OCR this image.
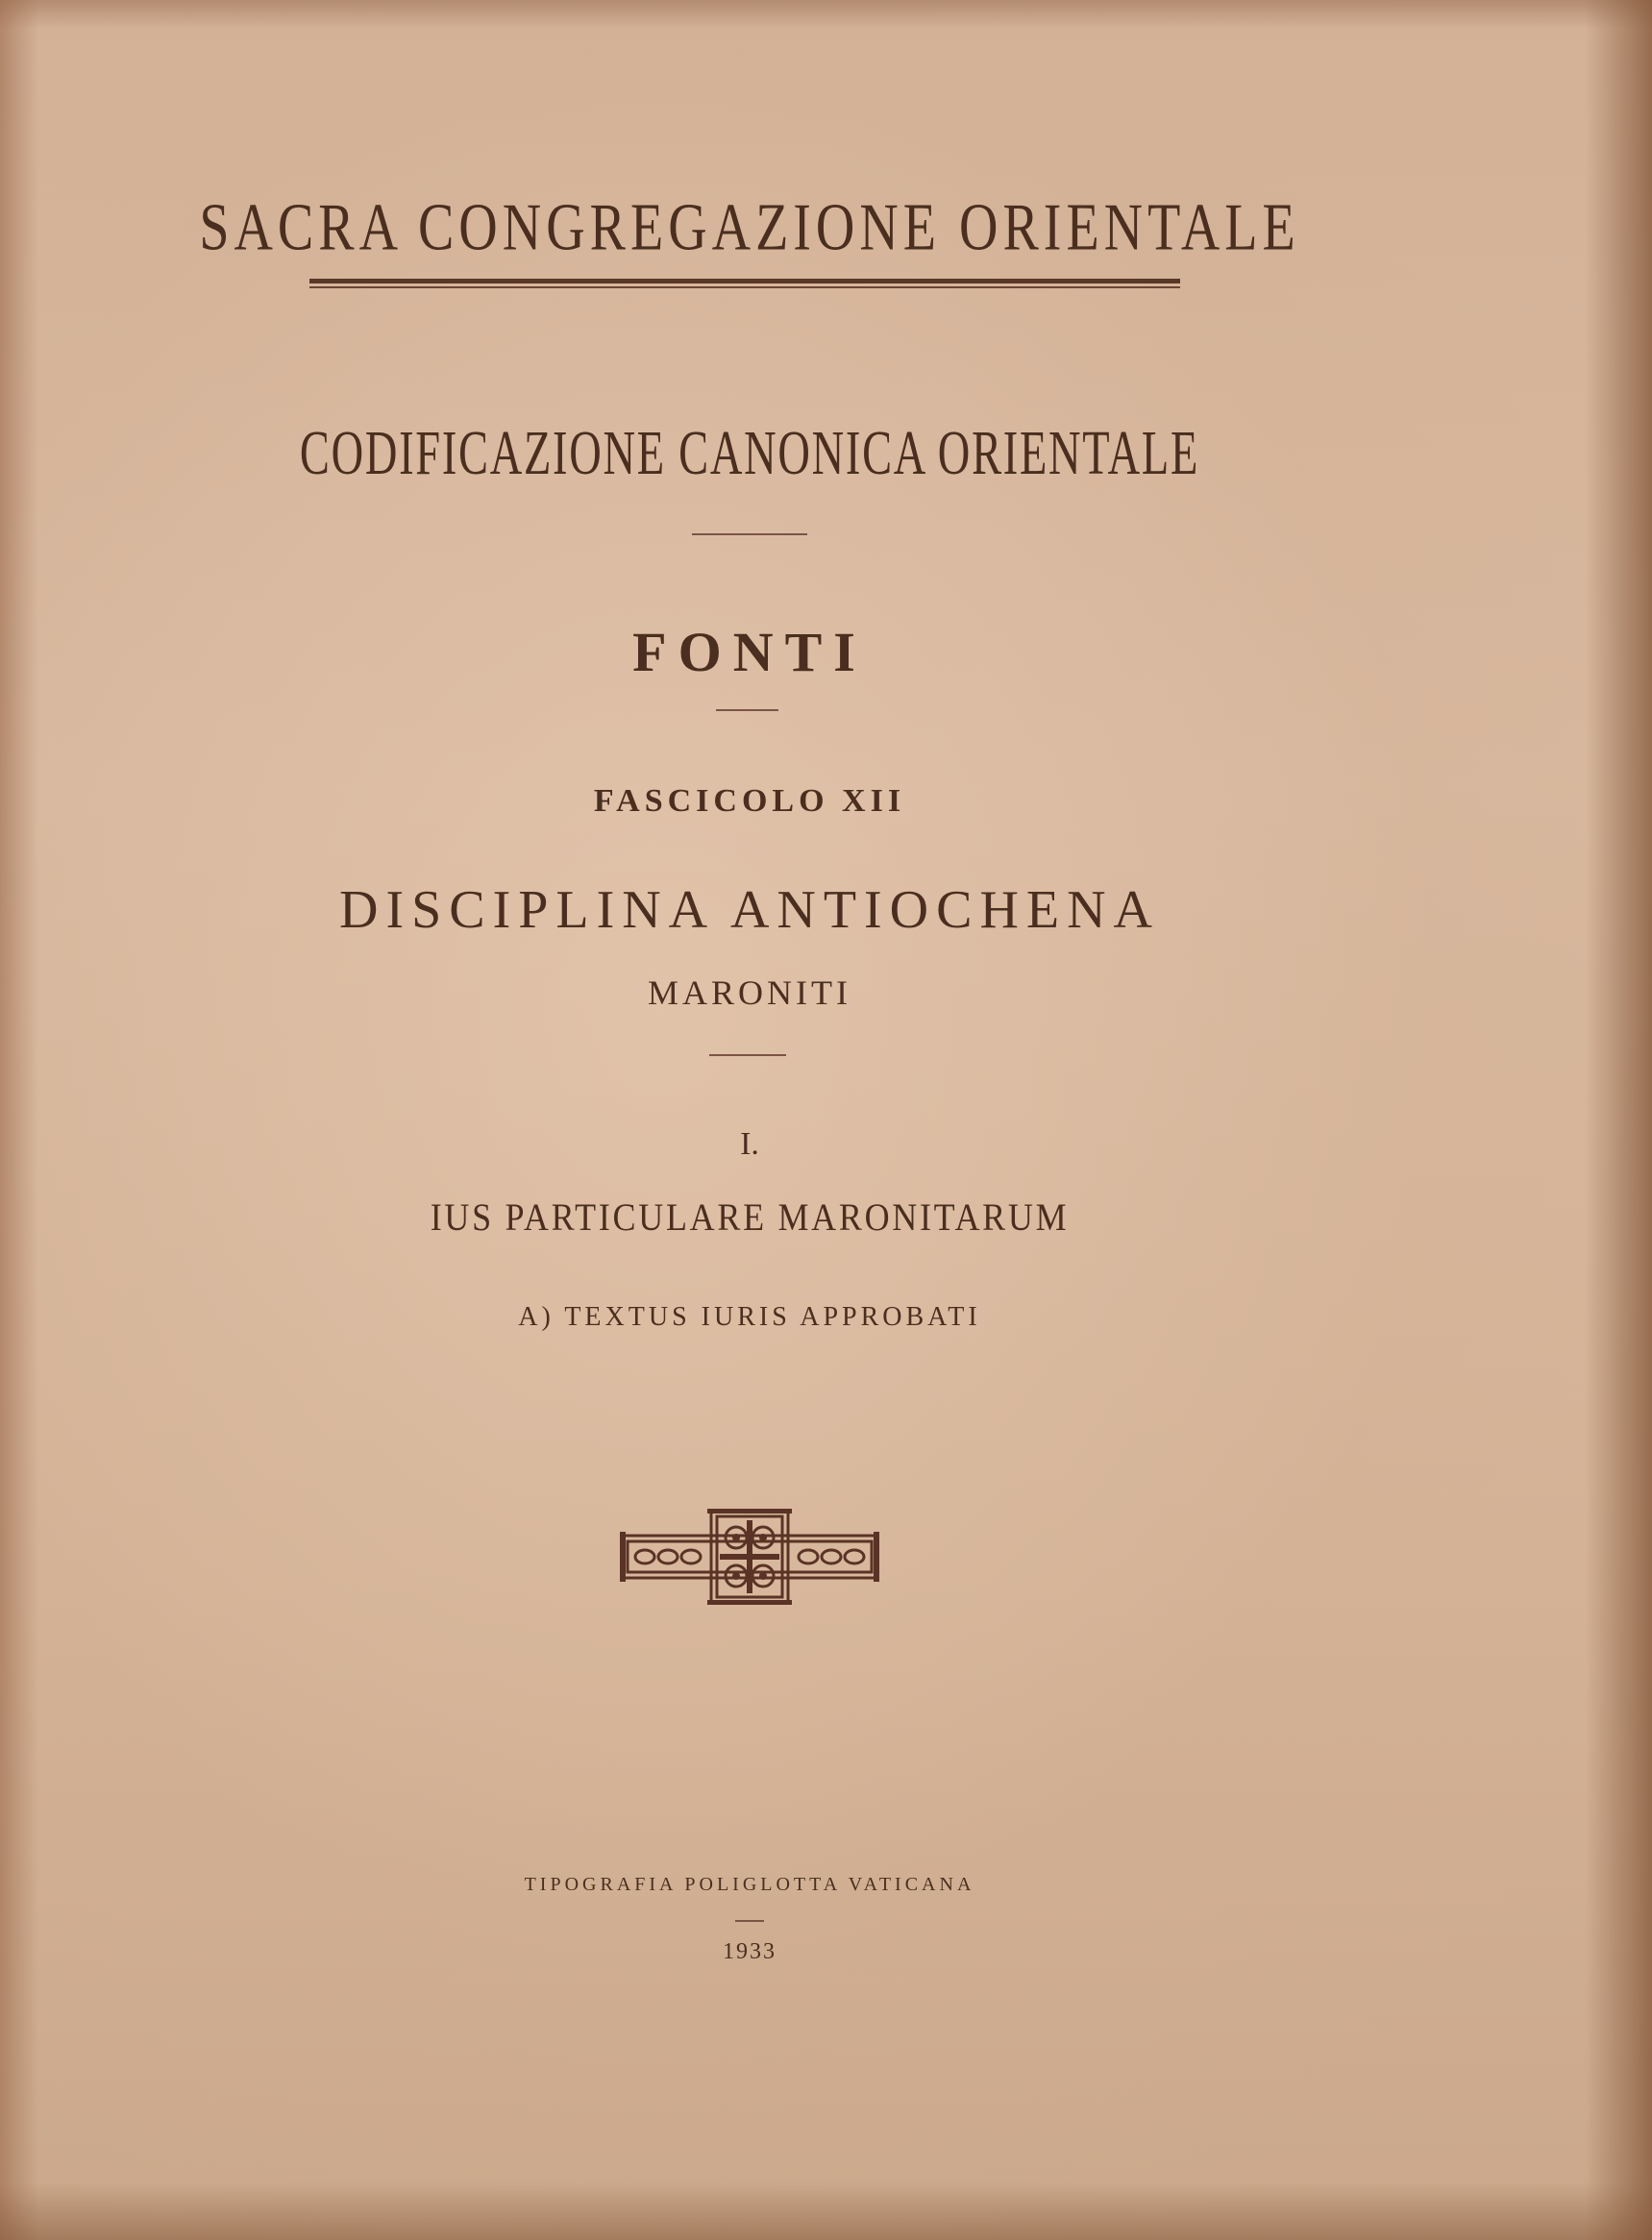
SACRA CONGREGAZIONE ORIENTALE
CODIFICAZIONE CANONICA ORIENTALE
FONTI
FASCICOLO XII
DISCIPLINA ANTIOCHENA
MARONITI
I.
IUS PARTICULARE MARONITARUM
A) TEXTUS IURIS APPROBATI
TIPOGRAFIA POLIGLOTTA VATICANA
1933
